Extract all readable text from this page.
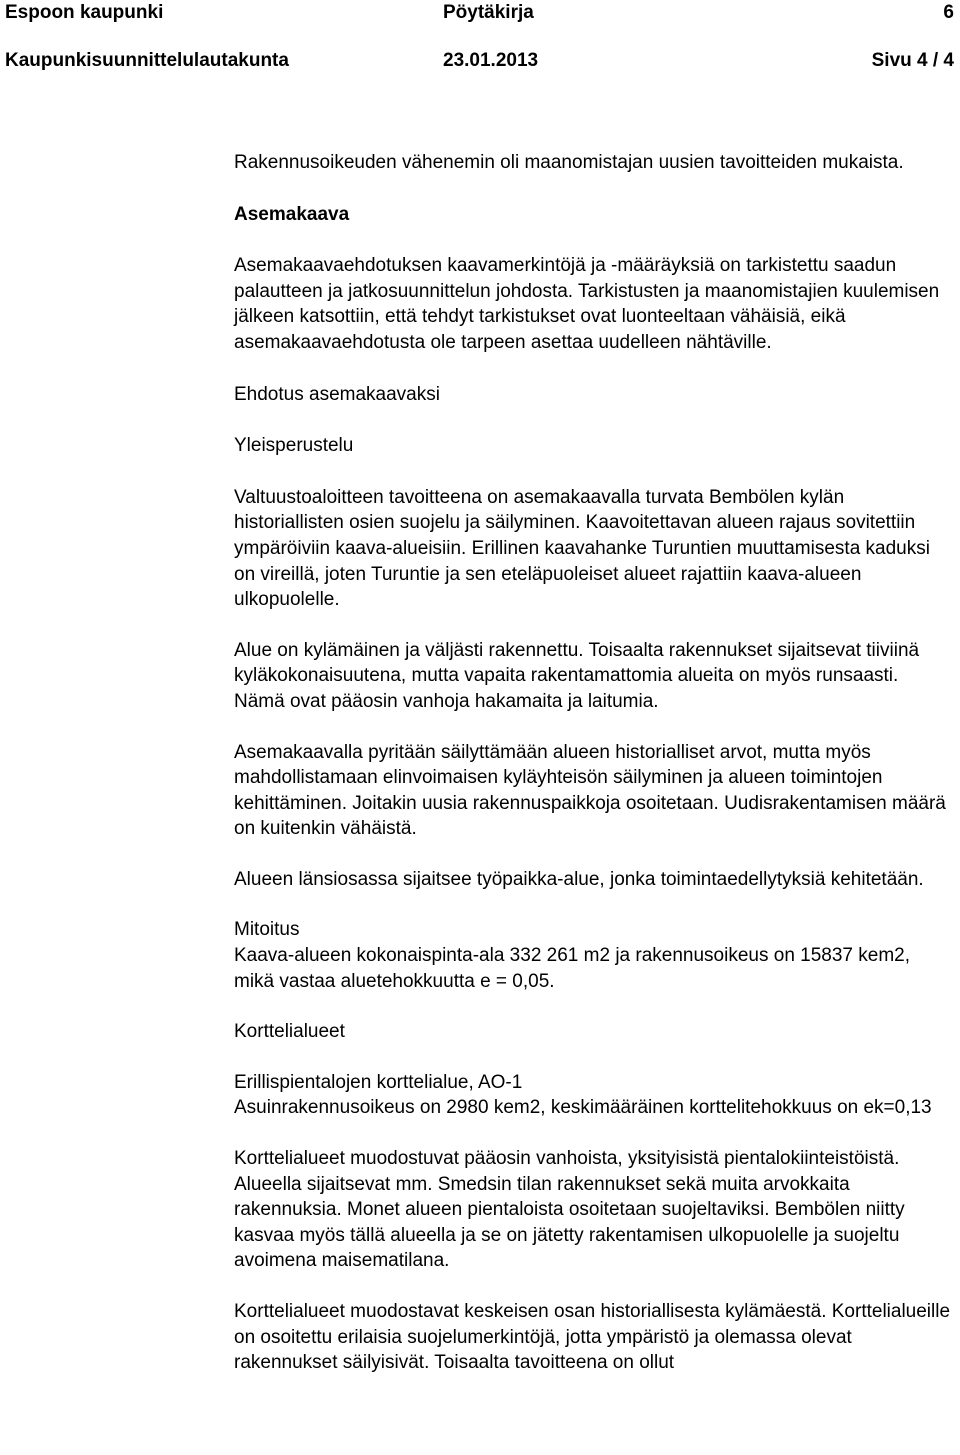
Espoon kaupunki	Pöytäkirja	6
Kaupunkisuunnittelulautakunta	23.01.2013	Sivu 4 / 4

Rakennusoikeuden vähenemin oli maanomistajan uusien tavoitteiden mukaista.

Asemakaava

Asemakaavaehdotuksen kaavamerkintöjä ja -määräyksiä on tarkistettu saadun palautteen ja jatkosuunnittelun johdosta. Tarkistusten ja maanomistajien kuulemisen jälkeen katsottiin, että tehdyt tarkistukset ovat luonteeltaan vähäisiä, eikä asemakaavaehdotusta ole tarpeen asettaa uudelleen nähtäville.

Ehdotus asemakaavaksi

Yleisperustelu

Valtuustoaloitteen tavoitteena on asemakaavalla turvata Bembölen kylän historiallisten osien suojelu ja säilyminen. Kaavoitettavan alueen rajaus sovitettiin ympäröiviin kaava-alueisiin. Erillinen kaavahanke Turuntien muuttamisesta kaduksi on vireillä, joten Turuntie ja sen eteläpuoleiset alueet rajattiin kaava-alueen ulkopuolelle.

Alue on kylämäinen ja väljästi rakennettu. Toisaalta rakennukset sijaitsevat tiiviinä kyläkokonaisuutena, mutta vapaita rakentamattomia alueita on myös runsaasti. Nämä ovat pääosin vanhoja hakamaita ja laitumia.

Asemakaavalla pyritään säilyttämään alueen historialliset arvot, mutta myös mahdollistamaan elinvoimaisen kyläyhteisön säilyminen ja alueen toimintojen kehittäminen. Joitakin uusia rakennuspaikkoja osoitetaan. Uudisrakentamisen määrä on kuitenkin vähäistä.

Alueen länsiosassa sijaitsee työpaikka-alue, jonka toimintaedellytyksiä kehitetään.

Mitoitus

Kaava-alueen kokonaispinta-ala 332 261 m2 ja rakennusoikeus on 15837 kem2, mikä vastaa aluetehokkuutta e = 0,05.

Korttelialueet

Erillispientalojen korttelialue, AO-1

Asuinrakennusoikeus on 2980 kem2, keskimääräinen korttelitehokkuus on ek=0,13

Korttelialueet muodostuvat pääosin vanhoista, yksityisistä pientalokiinteistöistä. Alueella sijaitsevat mm. Smedsin tilan rakennukset sekä muita arvokkaita rakennuksia. Monet alueen pientaloista osoitetaan suojeltaviksi. Bembölen niitty kasvaa myös tällä alueella ja se on jätetty rakentamisen ulkopuolelle ja suojeltu avoimena maisematilana.

Korttelialueet muodostavat keskeisen osan historiallisesta kylämäestä. Korttelialueille on osoitettu erilaisia suojelumerkintöjä, jotta ympäristö ja olemassa olevat rakennukset säilyisivät. Toisaalta tavoitteena on ollut
